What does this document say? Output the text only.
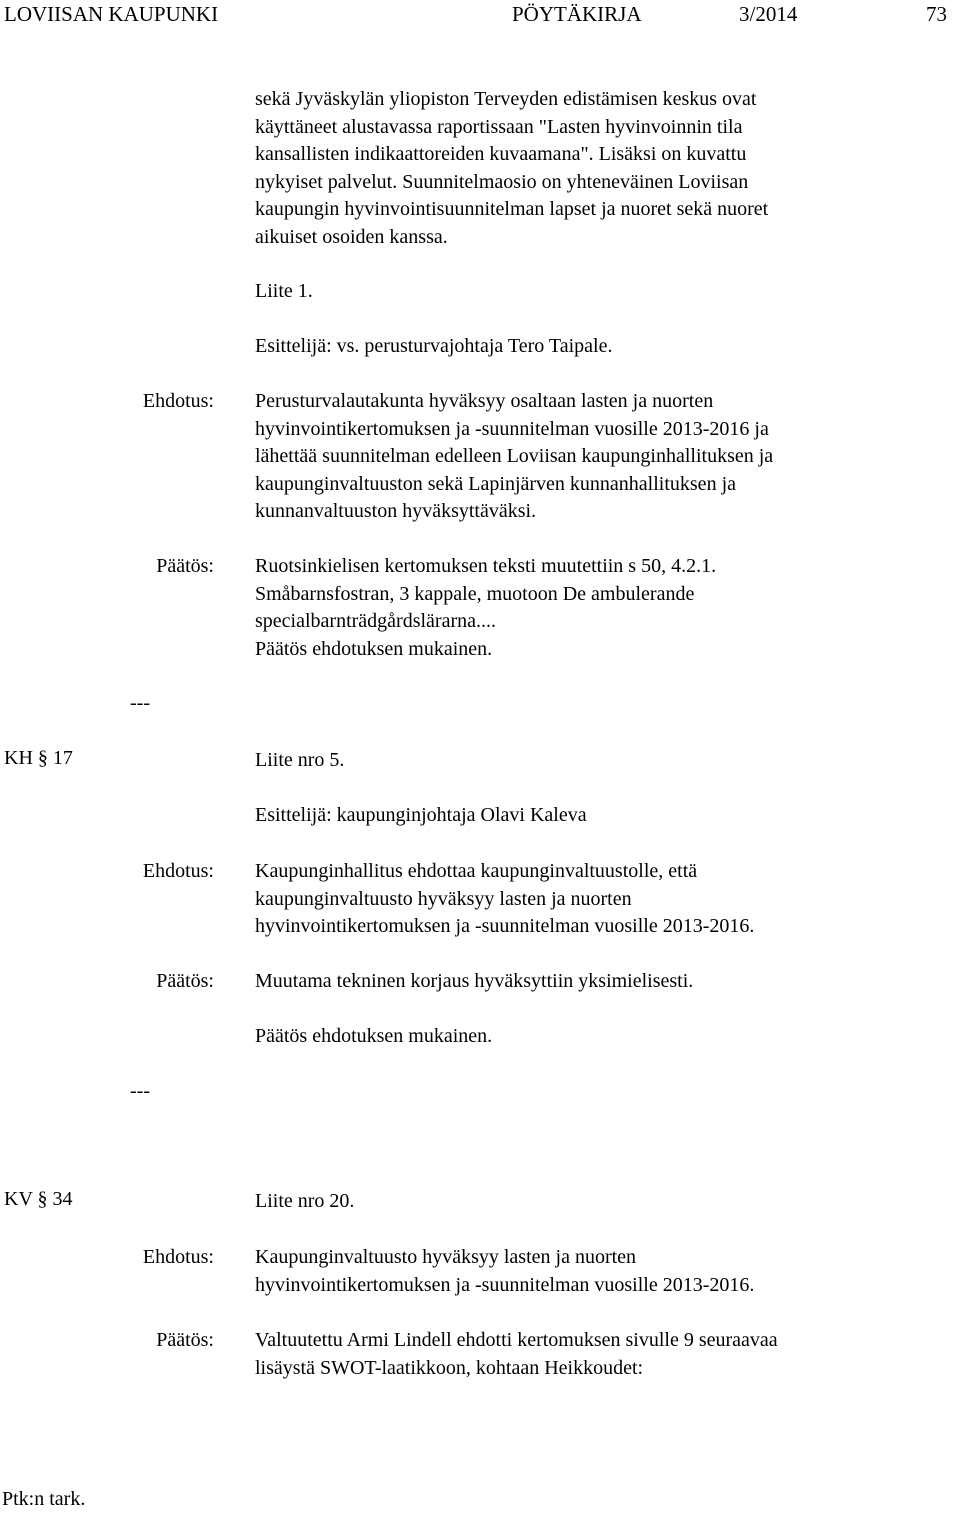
LOVIISAN KAUPUNKI	PÖYTÄKIRJA	3/2014	73
sekä Jyväskylän yliopiston Terveyden edistämisen keskus ovat
käyttäneet alustavassa raportissaan "Lasten hyvinvoinnin tila
kansallisten indikaattoreiden kuvaamana". Lisäksi on kuvattu
nykyiset palvelut. Suunnitelmaosio on yhteneväinen Loviisan
kaupungin hyvinvointisuunnitelman lapset ja nuoret sekä nuoret
aikuiset osoiden kanssa.
Liite 1.
Esittelijä: vs. perusturvajohtaja Tero Taipale.
Ehdotus: Perusturvalautakunta hyväksyy osaltaan lasten ja nuorten
hyvinvointikertomuksen ja -suunnitelman vuosille 2013-2016 ja
lähettää suunnitelman edelleen Loviisan kaupunginhallituksen ja
kaupunginvaltuuston sekä Lapinjärven kunnanhallituksen ja
kunnanvaltuuston hyväksyttäväksi.
Päätös: Ruotsinkielisen kertomuksen teksti muutettiin s 50, 4.2.1.
Småbarnsfostran, 3 kappale, muotoon De ambulerande
specialbarnträdgårdslärarna....
Päätös ehdotuksen mukainen.
---
KH § 17	Liite nro 5.
Esittelijä: kaupunginjohtaja Olavi Kaleva
Ehdotus: Kaupunginhallitus ehdottaa kaupunginvaltuustolle, että
kaupunginvaltuusto hyväksyy lasten ja nuorten
hyvinvointikertomuksen ja -suunnitelman vuosille 2013-2016.
Päätös: Muutama tekninen korjaus hyväksyttiin yksimielisesti.
Päätös ehdotuksen mukainen.
---
KV § 34	Liite nro 20.
Ehdotus: Kaupunginvaltuusto hyväksyy lasten ja nuorten
hyvinvointikertomuksen ja -suunnitelman vuosille 2013-2016.
Päätös: Valtuutettu Armi Lindell ehdotti kertomuksen sivulle 9 seuraavaa
lisäystä SWOT-laatikkoon, kohtaan Heikkoudet:
Ptk:n tark.
